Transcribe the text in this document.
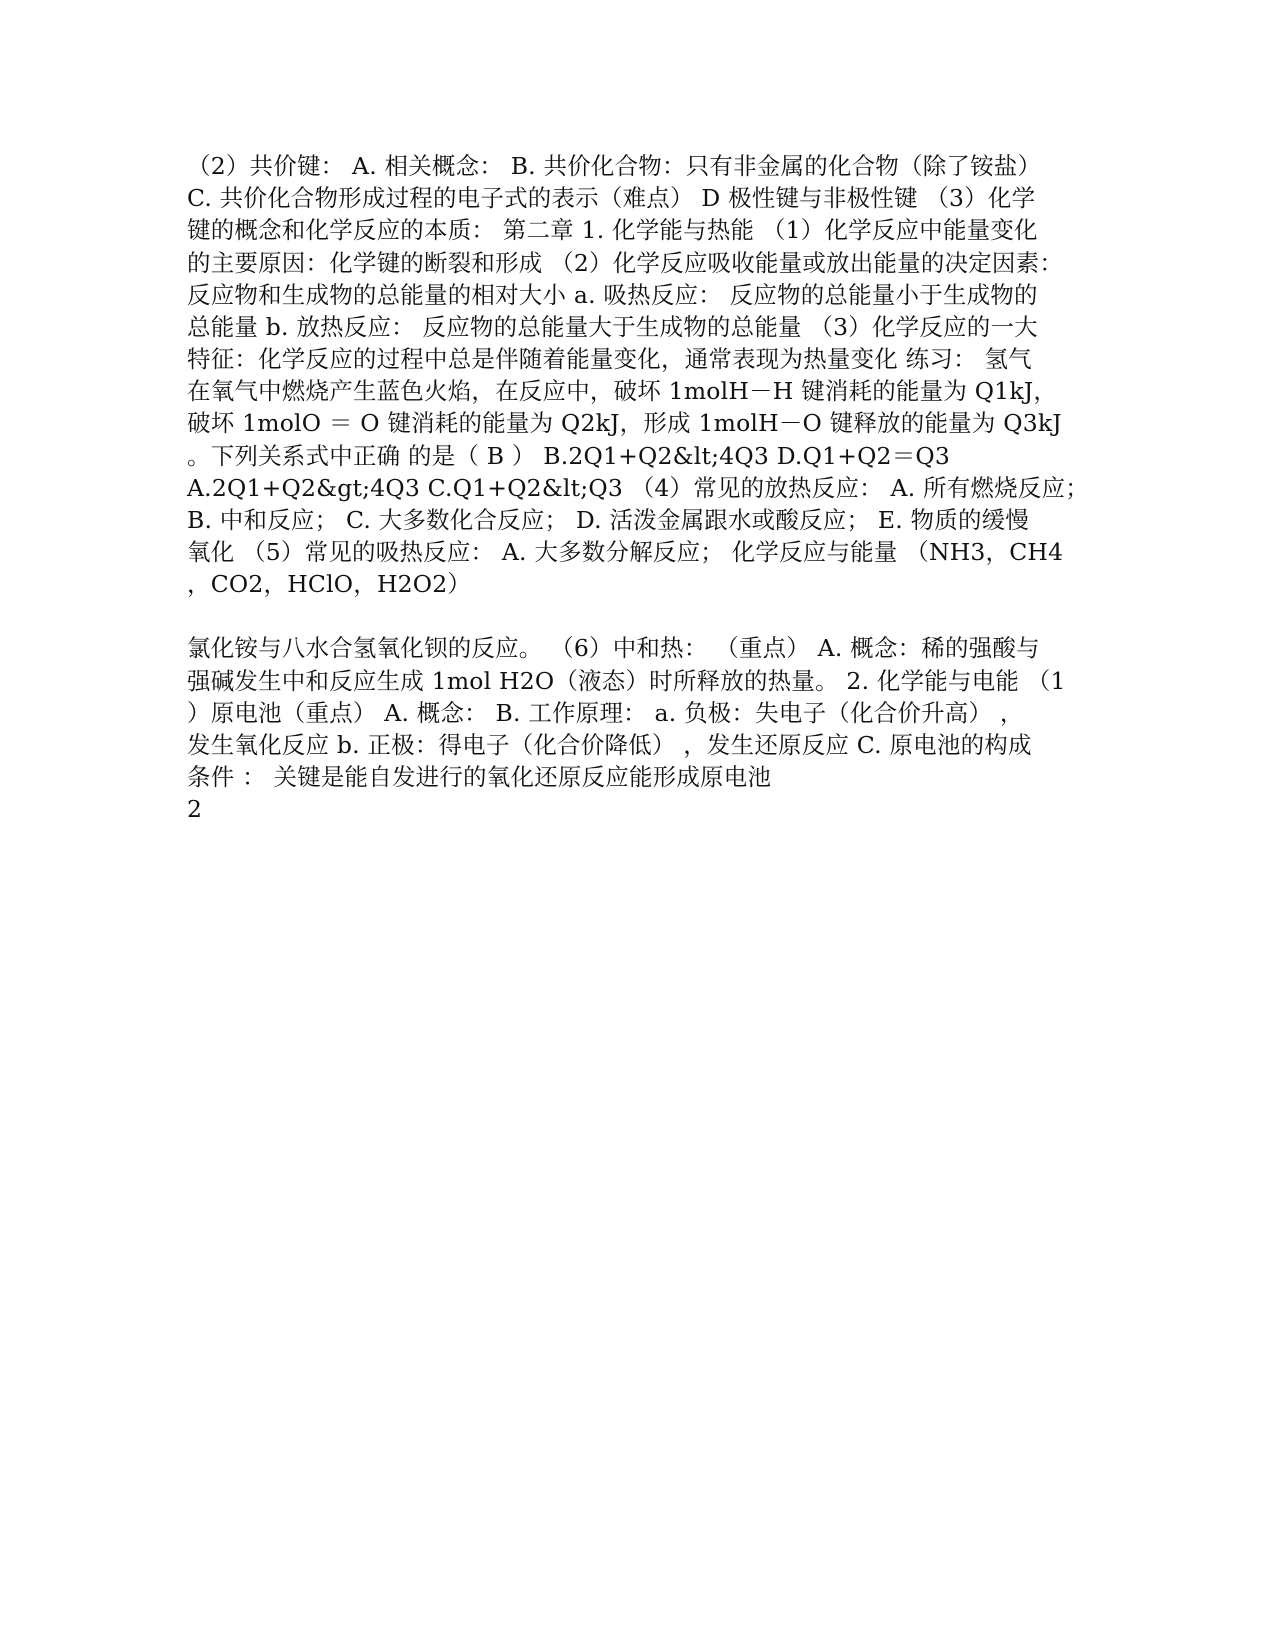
（2）共价键： A. 相关概念： B. 共价化合物：只有非金属的化合物（除了铵盐）
C. 共价化合物形成过程的电子式的表示（难点） D 极性键与非极性键 （3）化学
键的概念和化学反应的本质： 第二章 1. 化学能与热能 （1）化学反应中能量变化
的主要原因：化学键的断裂和形成 （2）化学反应吸收能量或放出能量的决定因素：
反应物和生成物的总能量的相对大小 a. 吸热反应： 反应物的总能量小于生成物的
总能量 b. 放热反应： 反应物的总能量大于生成物的总能量 （3）化学反应的一大
特征：化学反应的过程中总是伴随着能量变化，通常表现为热量变化 练习： 氢气
在氧气中燃烧产生蓝色火焰，在反应中，破坏 1molH－H 键消耗的能量为 Q1kJ，
破坏 1molO ＝ O 键消耗的能量为 Q2kJ，形成 1molH－O 键释放的能量为 Q3kJ
。下列关系式中正确 的是（ B ） B.2Q1+Q2&lt;4Q3 D.Q1+Q2＝Q3
A.2Q1+Q2&gt;4Q3 C.Q1+Q2&lt;Q3 （4）常见的放热反应： A. 所有燃烧反应；
B. 中和反应； C. 大多数化合反应； D. 活泼金属跟水或酸反应； E. 物质的缓慢
氧化 （5）常见的吸热反应： A. 大多数分解反应； 化学反应与能量 （NH3，CH4
，CO2，HClO，H2O2）
氯化铵与八水合氢氧化钡的反应。 （6）中和热： （重点） A. 概念：稀的强酸与
强碱发生中和反应生成 1mol H2O（液态）时所释放的热量。 2. 化学能与电能 （1
）原电池（重点） A. 概念： B. 工作原理： a. 负极：失电子（化合价升高） ，
发生氧化反应 b. 正极：得电子（化合价降低） ，发生还原反应 C. 原电池的构成
条件 ： 关键是能自发进行的氧化还原反应能形成原电池
2
